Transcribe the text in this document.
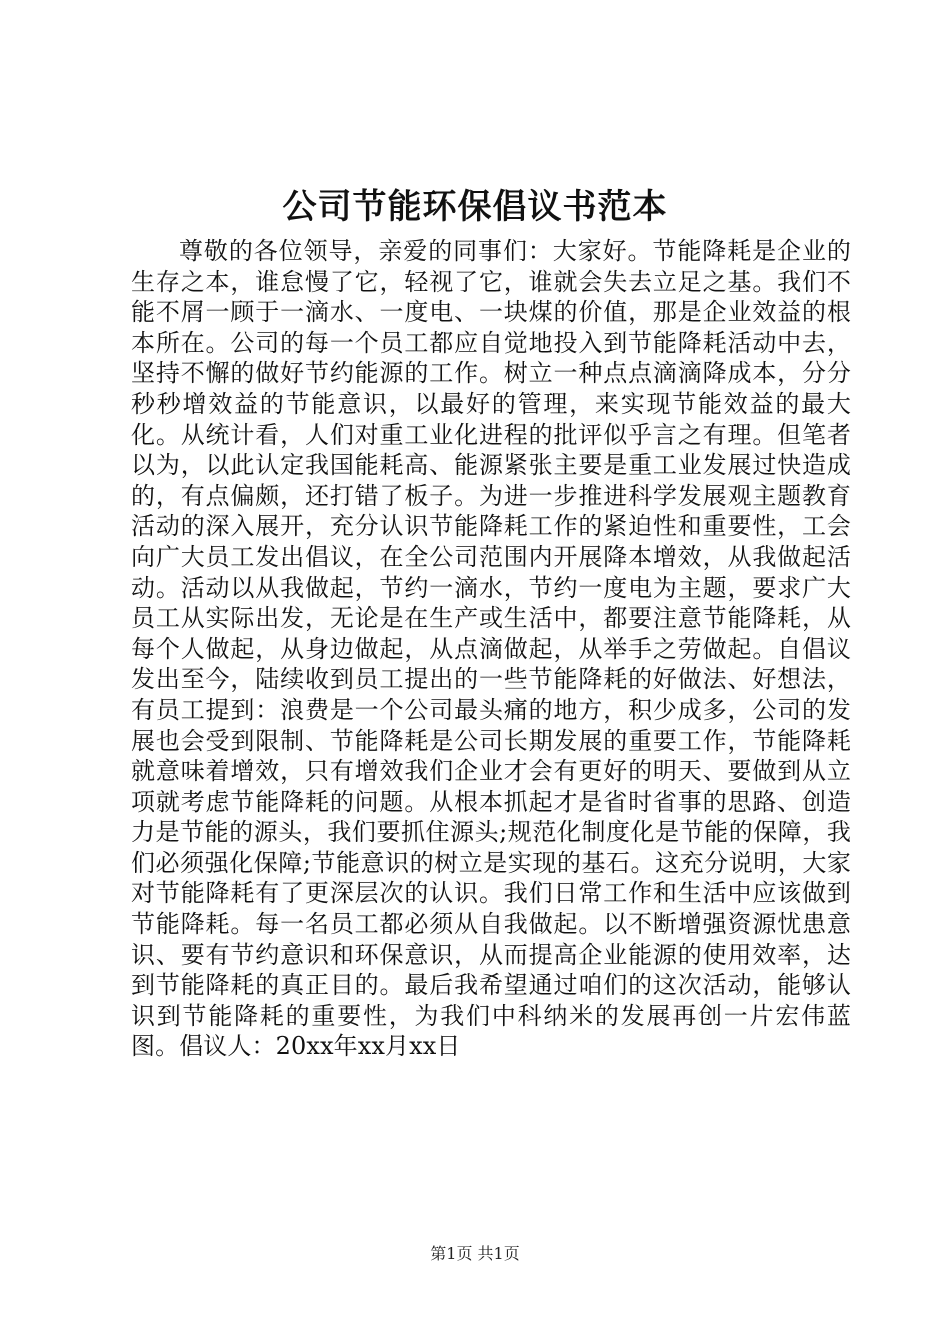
公司节能环保倡议书范本

尊敬的各位领导，亲爱的同事们：大家好。节能降耗是企业的生存之本，谁怠慢了它，轻视了它，谁就会失去立足之基。我们不能不屑一顾于一滴水、一度电、一块煤的价值，那是企业效益的根本所在。公司的每一个员工都应自觉地投入到节能降耗活动中去，坚持不懈的做好节约能源的工作。树立一种点点滴滴降成本，分分秒秒增效益的节能意识，以最好的管理，来实现节能效益的最大化。从统计看，人们对重工业化进程的批评似乎言之有理。但笔者以为，以此认定我国能耗高、能源紧张主要是重工业发展过快造成的，有点偏颇，还打错了板子。为进一步推进科学发展观主题教育活动的深入展开，充分认识节能降耗工作的紧迫性和重要性，工会向广大员工发出倡议，在全公司范围内开展降本增效，从我做起活动。活动以从我做起，节约一滴水，节约一度电为主题，要求广大员工从实际出发，无论是在生产或生活中，都要注意节能降耗，从每个人做起，从身边做起，从点滴做起，从举手之劳做起。自倡议发出至今，陆续收到员工提出的一些节能降耗的好做法、好想法，有员工提到：浪费是一个公司最头痛的地方，积少成多，公司的发展也会受到限制、节能降耗是公司长期发展的重要工作，节能降耗就意味着增效，只有增效我们企业才会有更好的明天、要做到从立项就考虑节能降耗的问题。从根本抓起才是省时省事的思路、创造力是节能的源头，我们要抓住源头;规范化制度化是节能的保障，我们必须强化保障;节能意识的树立是实现的基石。这充分说明，大家对节能降耗有了更深层次的认识。我们日常工作和生活中应该做到节能降耗。每一名员工都必须从自我做起。以不断增强资源忧患意识、要有节约意识和环保意识，从而提高企业能源的使用效率，达到节能降耗的真正目的。最后我希望通过咱们的这次活动，能够认识到节能降耗的重要性，为我们中科纳米的发展再创一片宏伟蓝图。倡议人：20xx年xx月xx日

第1页 共1页
